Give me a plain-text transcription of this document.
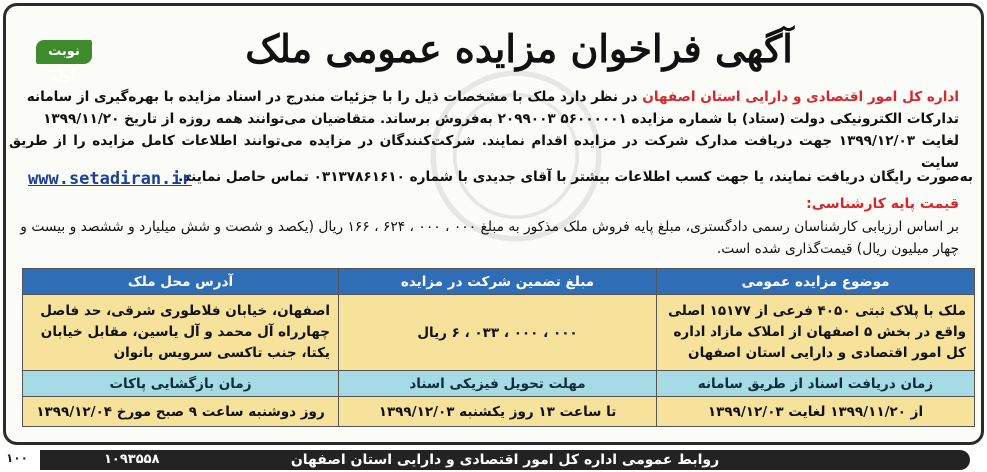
نوبت اول
آگهی فراخوان مزایده عمومی ملک
اداره کل امور اقتصادی و دارایی استان اصفهان در نظر دارد ملک با مشخصات ذیل را با جزئیات مندرج در اسناد مزایده با بهره‌گیری از سامانه
تدارکات الکترونیکی دولت (ستاد) با شماره مزایده ۵۶۰۰۰۰۰۱ ۲۰۹۹۰۰۳ به‌فروش برساند. متقاضیان می‌توانند همه روزه از تاریخ ۱۳۹۹/۱۱/۲۰
لغایت ۱۳۹۹/۱۲/۰۳ جهت دریافت مدارک شرکت در مزایده اقدام نمایند. شرکت‌کنندگان در مزایده می‌توانند اطلاعات کامل مزایده را از طریق سایت
به‌صورت رایگان دریافت نمایند، یا جهت کسب اطلاعات بیشتر با آقای جدیدی با شماره ۰۳۱۳۷۸۶۱۶۱۰ تماس حاصل نمایند.
www.setadiran.ir
قیمت پایه کارشناسی:
بر اساس ارزیابی کارشناسان رسمی دادگستری، مبلغ پایه فروش ملک مذکور به مبلغ ۰۰۰ ، ۰۰۰ ، ۶۲۴ ، ۱۶۶ ریال (یکصد و شصت و شش میلیارد و ششصد و بیست و چهار میلیون ریال) قیمت‌گذاری شده است.
موضوع مزایده عمومی	مبلغ تضمین شرکت در مزایده	آدرس محل ملک
ملک با پلاک ثبتی ۴۰۵۰ فرعی از ۱۵۱۷۷ اصلی واقع در بخش ۵ اصفهان از املاک مازاد اداره کل امور اقتصادی و دارایی استان اصفهان	۰۰۰ ، ۰۰۰ ، ۰۳۳ ، ۶ ریال	اصفهان، خیابان فلاطوری شرقی، حد فاصل چهارراه آل محمد و آل یاسین، مقابل خیابان یکتا، جنب تاکسی سرویس بانوان
زمان دریافت اسناد از طریق سامانه	مهلت تحویل فیزیکی اسناد	زمان بازگشایی پاکات
از ۱۳۹۹/۱۱/۲۰ لغایت ۱۳۹۹/۱۲/۰۳	تا ساعت ۱۳ روز یکشنبه ۱۳۹۹/۱۲/۰۳	روز دوشنبه ساعت ۹ صبح مورخ ۱۳۹۹/۱۲/۰۴
روابط عمومی اداره کل امور اقتصادی و دارایی استان اصفهان
۱۰۹۳۵۵۸
۱۰۰
